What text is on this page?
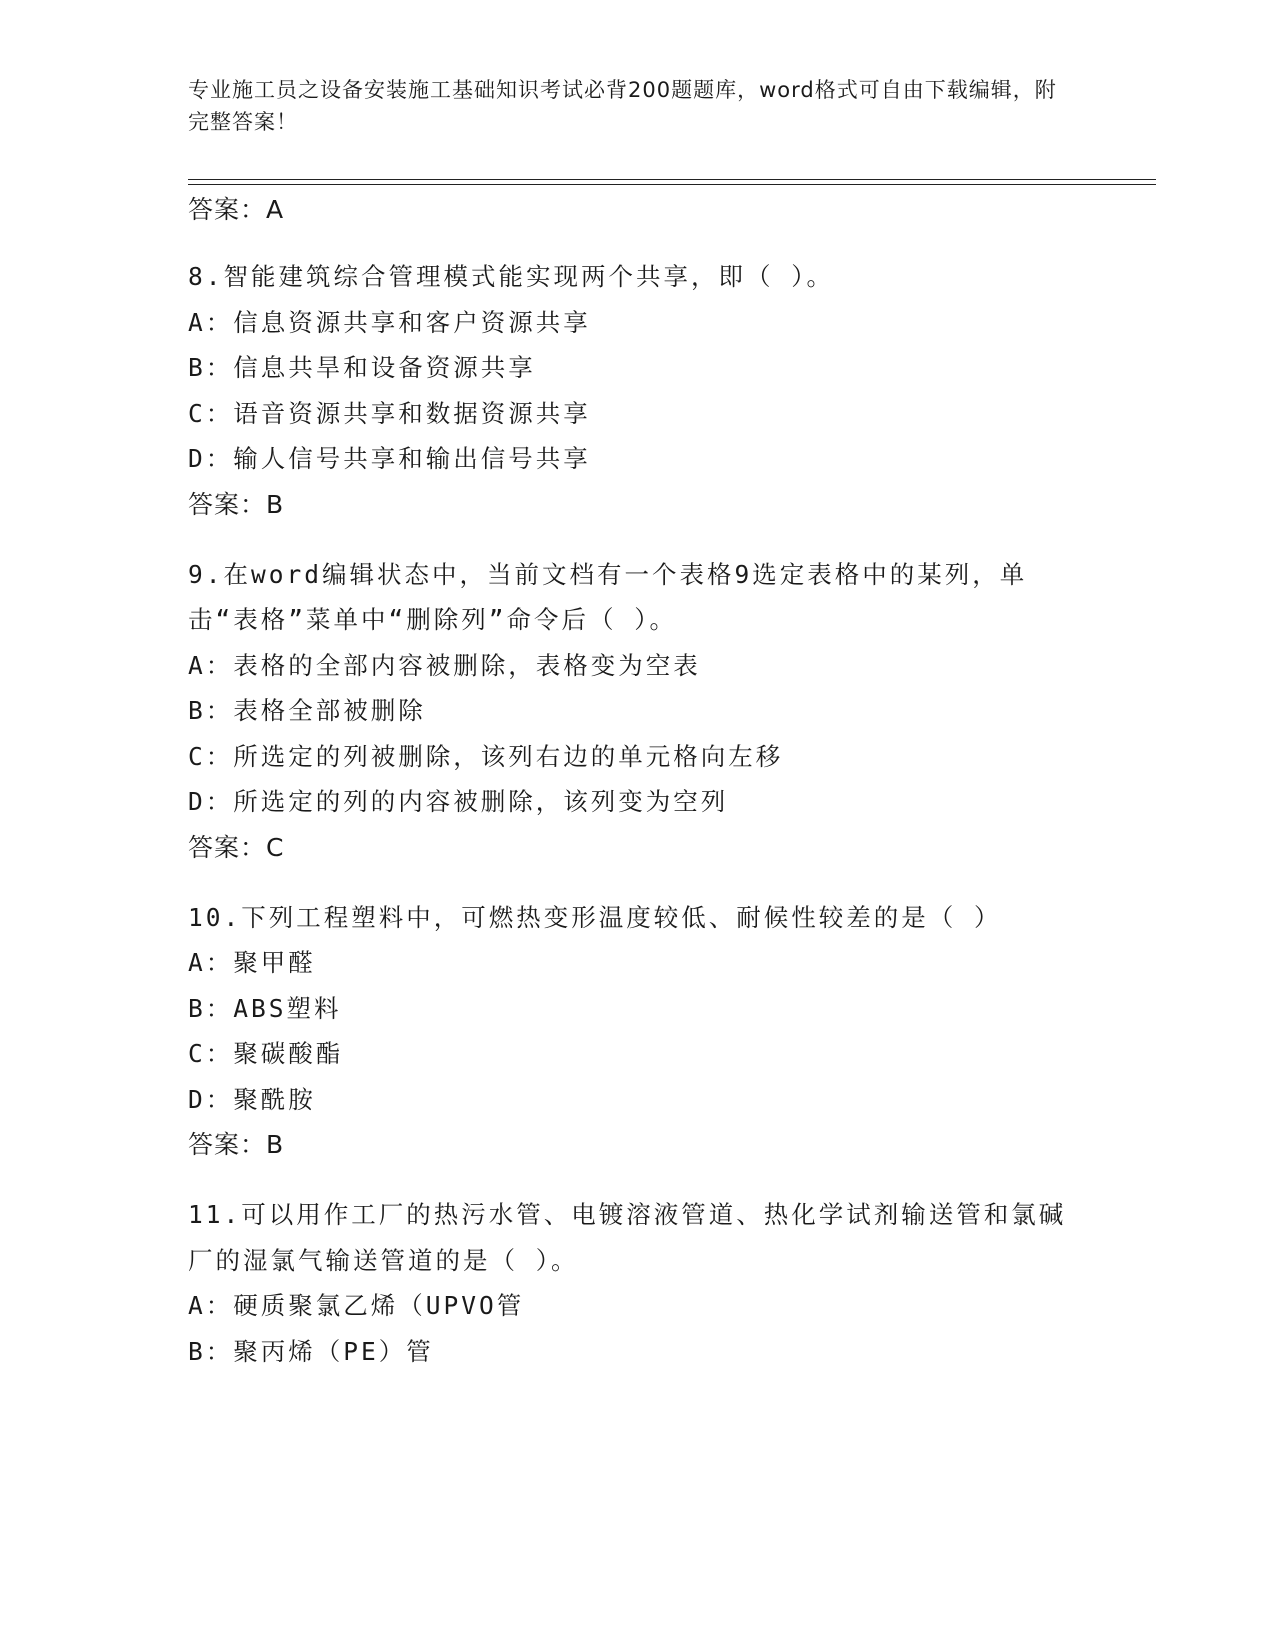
专业施工员之设备安装施工基础知识考试必背200题题库，word格式可自由下载编辑，附完整答案！
答案：A
8.智能建筑综合管理模式能实现两个共享，即（ ）。
A：信息资源共享和客户资源共享
B：信息共旱和设备资源共享
C：语音资源共享和数据资源共享
D：输人信号共享和输出信号共享
答案：B
9.在word编辑状态中，当前文档有一个表格9选定表格中的某列，单击“表格”菜单中“删除列”命令后（ ）。
A：表格的全部内容被删除，表格变为空表
B：表格全部被删除
C：所选定的列被删除，该列右边的单元格向左移
D：所选定的列的内容被删除，该列变为空列
答案：C
10.下列工程塑料中，可燃热变形温度较低、耐候性较差的是（ ）
A：聚甲醛
B：ABS塑料
C：聚碳酸酯
D：聚酰胺
答案：B
11.可以用作工厂的热污水管、电镀溶液管道、热化学试剂输送管和氯碱厂的湿氯气输送管道的是（ ）。
A：硬质聚氯乙烯（UPVO管
B：聚丙烯（PE）管
